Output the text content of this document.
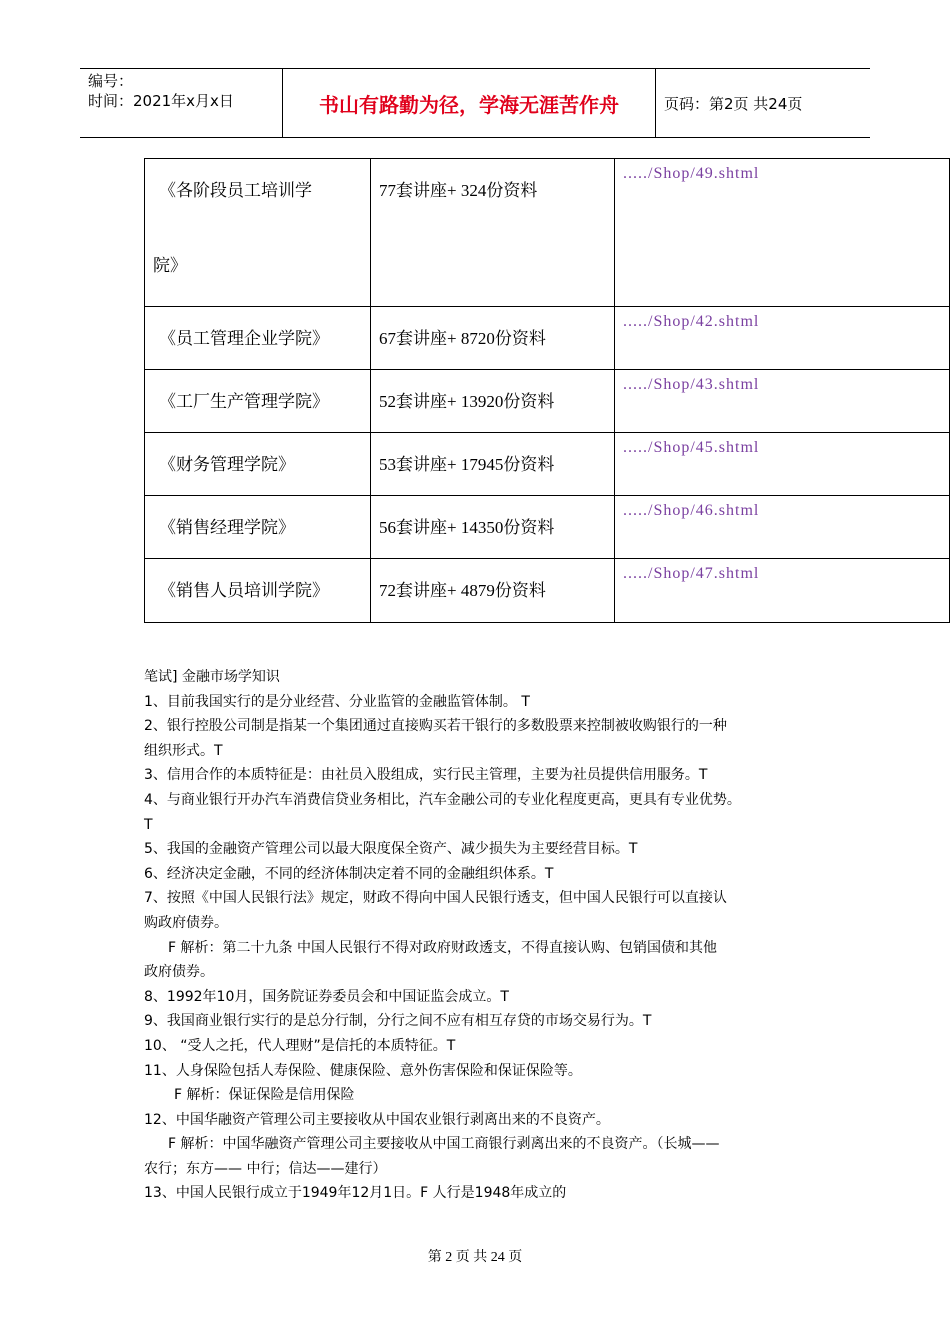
编号：
时间：2021年x月x日	书山有路勤为径，学海无涯苦作舟	页码：第2页 共24页
《各阶段员工培训学
院》	77套讲座+ 324份资料	...../Shop/49.shtml

《员工管理企业学院》	67套讲座+ 8720份资料	...../Shop/42.shtml

《工厂生产管理学院》	52套讲座+ 13920份资料	...../Shop/43.shtml

《财务管理学院》	53套讲座+ 17945份资料	...../Shop/45.shtml

《销售经理学院》	56套讲座+ 14350份资料	...../Shop/46.shtml

《销售人员培训学院》	72套讲座+ 4879份资料	...../Shop/47.shtml

笔试] 金融市场学知识

1、目前我国实行的是分业经营、分业监管的金融监管体制。 T

2、银行控股公司制是指某一个集团通过直接购买若干银行的多数股票来控制被收购银行的一种

组织形式。T

3、信用合作的本质特征是：由社员入股组成，实行民主管理，主要为社员提供信用服务。T

4、与商业银行开办汽车消费信贷业务相比，汽车金融公司的专业化程度更高，更具有专业优势。

T

5、我国的金融资产管理公司以最大限度保全资产、减少损失为主要经营目标。T

6、经济决定金融，不同的经济体制决定着不同的金融组织体系。T

7、按照《中国人民银行法》规定，财政不得向中国人民银行透支，但中国人民银行可以直接认

购政府债券。

F 解析：第二十九条 中国人民银行不得对政府财政透支，不得直接认购、包销国债和其他

政府债券。

8、1992年10月，国务院证券委员会和中国证监会成立。T

9、我国商业银行实行的是总分行制，分行之间不应有相互存贷的市场交易行为。T

10、 “受人之托，代人理财”是信托的本质特征。T

11、人身保险包括人寿保险、健康保险、意外伤害保险和保证保险等。

F 解析：保证保险是信用保险

12、中国华融资产管理公司主要接收从中国农业银行剥离出来的不良资产。

F 解析：中国华融资产管理公司主要接收从中国工商银行剥离出来的不良资产。（长城——

农行；东方—— 中行；信达——建行）

13、中国人民银行成立于1949年12月1日。F 人行是1948年成立的

第 2 页 共 24 页
